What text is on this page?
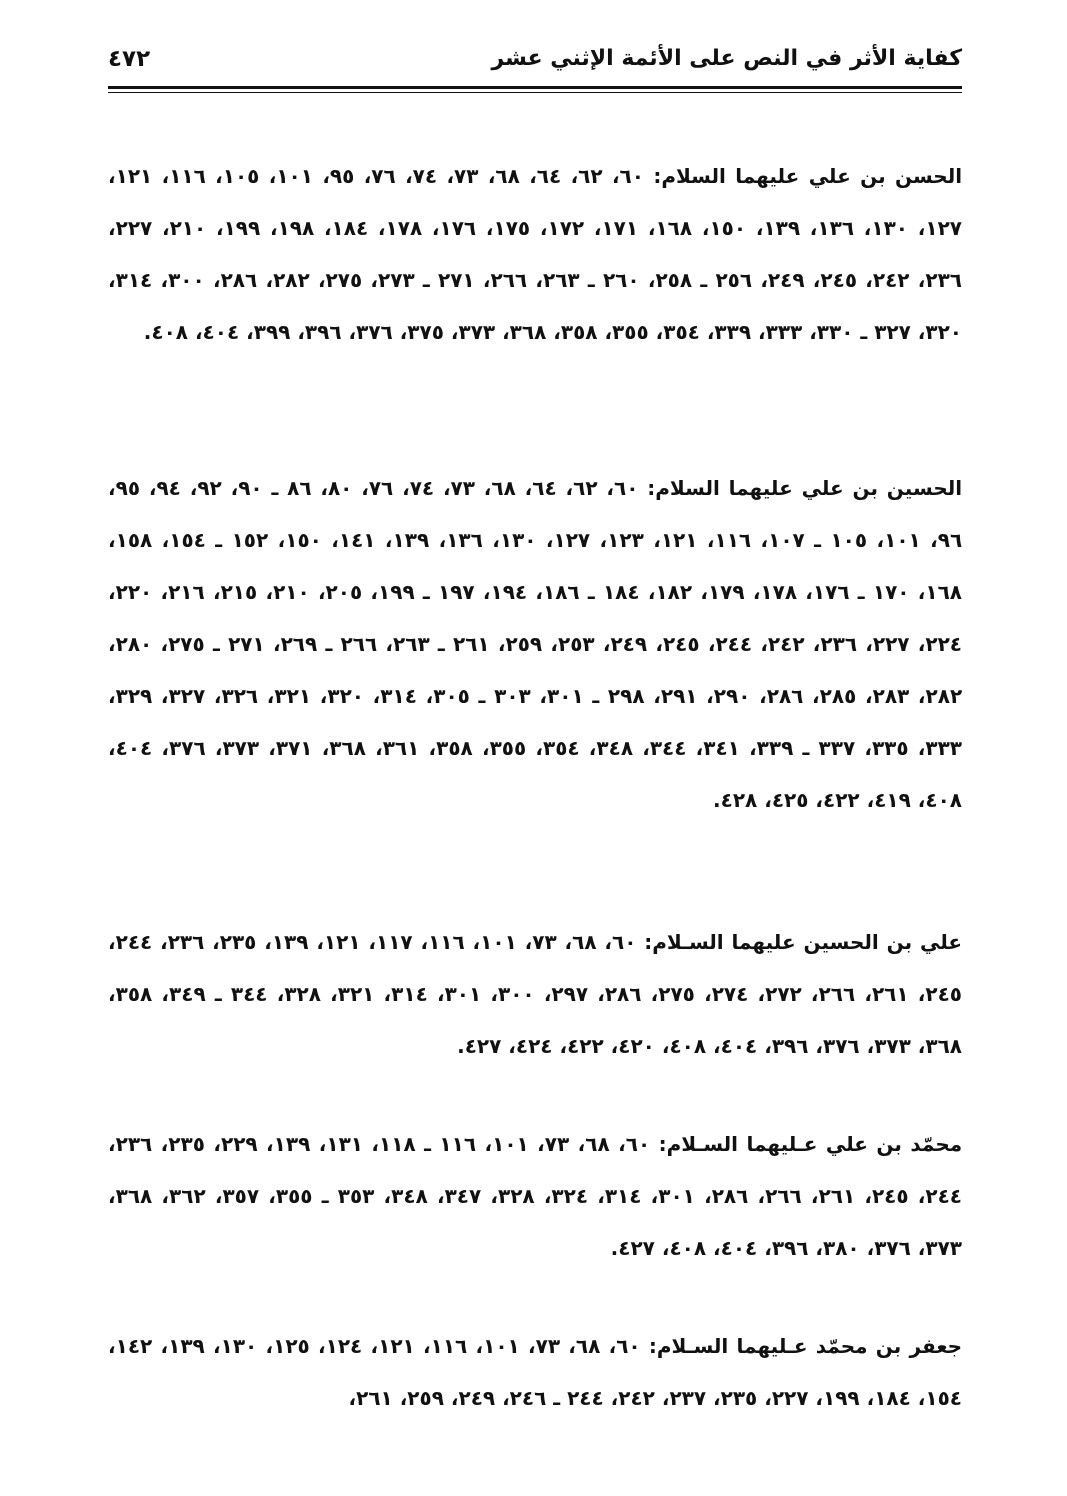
كفاية الأثر في النص على الأئمة الإثني عشر
٤٧٢

الحسن بن علي عليهما السلام: ٦٠، ٦٢، ٦٤، ٦٨، ٧٣، ٧٤، ٧٦، ٩٥، ١٠١، ١٠٥، ١١٦، ١٢١، ١٢٧، ١٣٠، ١٣٦، ١٣٩، ١٥٠، ١٦٨، ١٧١، ١٧٢، ١٧٥، ١٧٦، ١٧٨، ١٨٤، ١٩٨، ١٩٩، ٢١٠، ٢٢٧، ٢٣٦، ٢٤٢، ٢٤٥، ٢٤٩، ٢٥٦ ـ ٢٥٨، ٢٦٠ ـ ٢٦٣، ٢٦٦، ٢٧١ ـ ٢٧٣، ٢٧٥، ٢٨٢، ٢٨٦، ٣٠٠، ٣١٤، ٣٢٠، ٣٢٧ ـ ٣٣٠، ٣٣٣، ٣٣٩، ٣٥٤، ٣٥٥، ٣٥٨، ٣٦٨، ٣٧٣، ٣٧٥، ٣٧٦، ٣٩٦، ٣٩٩، ٤٠٤، ٤٠٨.

الحسين بن علي عليهما السلام: ٦٠، ٦٢، ٦٤، ٦٨، ٧٣، ٧٤، ٧٦، ٨٠، ٨٦ ـ ٩٠، ٩٢، ٩٤، ٩٥، ٩٦، ١٠١، ١٠٥ ـ ١٠٧، ١١٦، ١٢١، ١٢٣، ١٢٧، ١٣٠، ١٣٦، ١٣٩، ١٤١، ١٥٠، ١٥٢ ـ ١٥٤، ١٥٨، ١٦٨، ١٧٠ ـ ١٧٦، ١٧٨، ١٧٩، ١٨٢، ١٨٤ ـ ١٨٦، ١٩٤، ١٩٧ ـ ١٩٩، ٢٠٥، ٢١٠، ٢١٥، ٢١٦، ٢٢٠، ٢٢٤، ٢٢٧، ٢٣٦، ٢٤٢، ٢٤٤، ٢٤٥، ٢٤٩، ٢٥٣، ٢٥٩، ٢٦١ ـ ٢٦٣، ٢٦٦ ـ ٢٦٩، ٢٧١ ـ ٢٧٥، ٢٨٠، ٢٨٢، ٢٨٣، ٢٨٥، ٢٨٦، ٢٩٠، ٢٩١، ٢٩٨ ـ ٣٠١، ٣٠٣ ـ ٣٠٥، ٣١٤، ٣٢٠، ٣٢١، ٣٢٦، ٣٢٧، ٣٢٩، ٣٣٣، ٣٣٥، ٣٣٧ ـ ٣٣٩، ٣٤١، ٣٤٤، ٣٤٨، ٣٥٤، ٣٥٥، ٣٥٨، ٣٦١، ٣٦٨، ٣٧١، ٣٧٣، ٣٧٦، ٤٠٤، ٤٠٨، ٤١٩، ٤٢٢، ٤٢٥، ٤٢٨.

علي بن الحسين عليهما السـلام: ٦٠، ٦٨، ٧٣، ١٠١، ١١٦، ١١٧، ١٢١، ١٣٩، ٢٣٥، ٢٣٦، ٢٤٤، ٢٤٥، ٢٦١، ٢٦٦، ٢٧٢، ٢٧٤، ٢٧٥، ٢٨٦، ٢٩٧، ٣٠٠، ٣٠١، ٣١٤، ٣٢١، ٣٢٨، ٣٤٤ ـ ٣٤٩، ٣٥٨، ٣٦٨، ٣٧٣، ٣٧٦، ٣٩٦، ٤٠٤، ٤٠٨، ٤٢٠، ٤٢٢، ٤٢٤، ٤٢٧.

محمّد بن علي عـليهما السـلام: ٦٠، ٦٨، ٧٣، ١٠١، ١١٦ ـ ١١٨، ١٣١، ١٣٩، ٢٢٩، ٢٣٥، ٢٣٦، ٢٤٤، ٢٤٥، ٢٦١، ٢٦٦، ٢٨٦، ٣٠١، ٣١٤، ٣٢٤، ٣٢٨، ٣٤٧، ٣٤٨، ٣٥٣ ـ ٣٥٥، ٣٥٧، ٣٦٢، ٣٦٨، ٣٧٣، ٣٧٦، ٣٨٠، ٣٩٦، ٤٠٤، ٤٠٨، ٤٢٧.

جعفر بن محمّد عـليهما السـلام: ٦٠، ٦٨، ٧٣، ١٠١، ١١٦، ١٢١، ١٢٤، ١٢٥، ١٣٠، ١٣٩، ١٤٢، ١٥٤، ١٨٤، ١٩٩، ٢٢٧، ٢٣٥، ٢٣٧، ٢٤٢، ٢٤٤ ـ ٢٤٦، ٢٤٩، ٢٥٩، ٢٦١،
